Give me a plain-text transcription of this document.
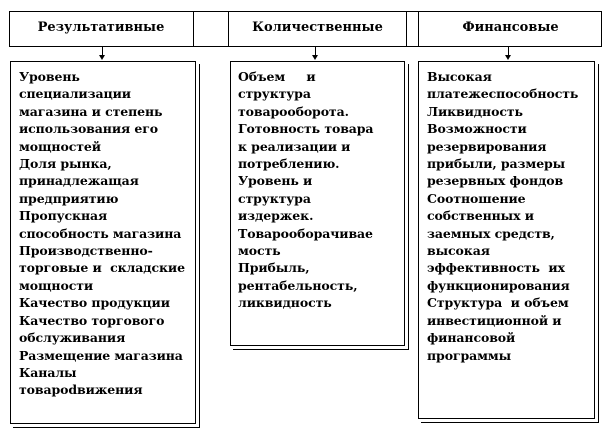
Результативные	Количественные	Финансовые
Уровень
специализации
магазина и степень
использования его
мощностей
Доля рынка,
принадлежащая
предприятию
Пропускная
способность магазина
Производственно-
торговые и  складские
мощности
Качество продукции
Качество торгового
обслуживания
Размещение магазина
Каналы
товарodвижения
Объем     и
структура
товарооборота.
Готовность товара
к реализации и
потреблению.
Уровень и
структура
издержек.
Товарооборачивае
мость
Прибыль,
рентабельность,
ликвидность
Высокая
платежеспособность
Ликвидность
Возможности
резервирования
прибыли, размеры
резервных фондов
Соотношение
собственных и
заемных средств,
высокая
эффективность  их
функционирования
Структура  и объем
инвестиционной и
финансовой
программы
